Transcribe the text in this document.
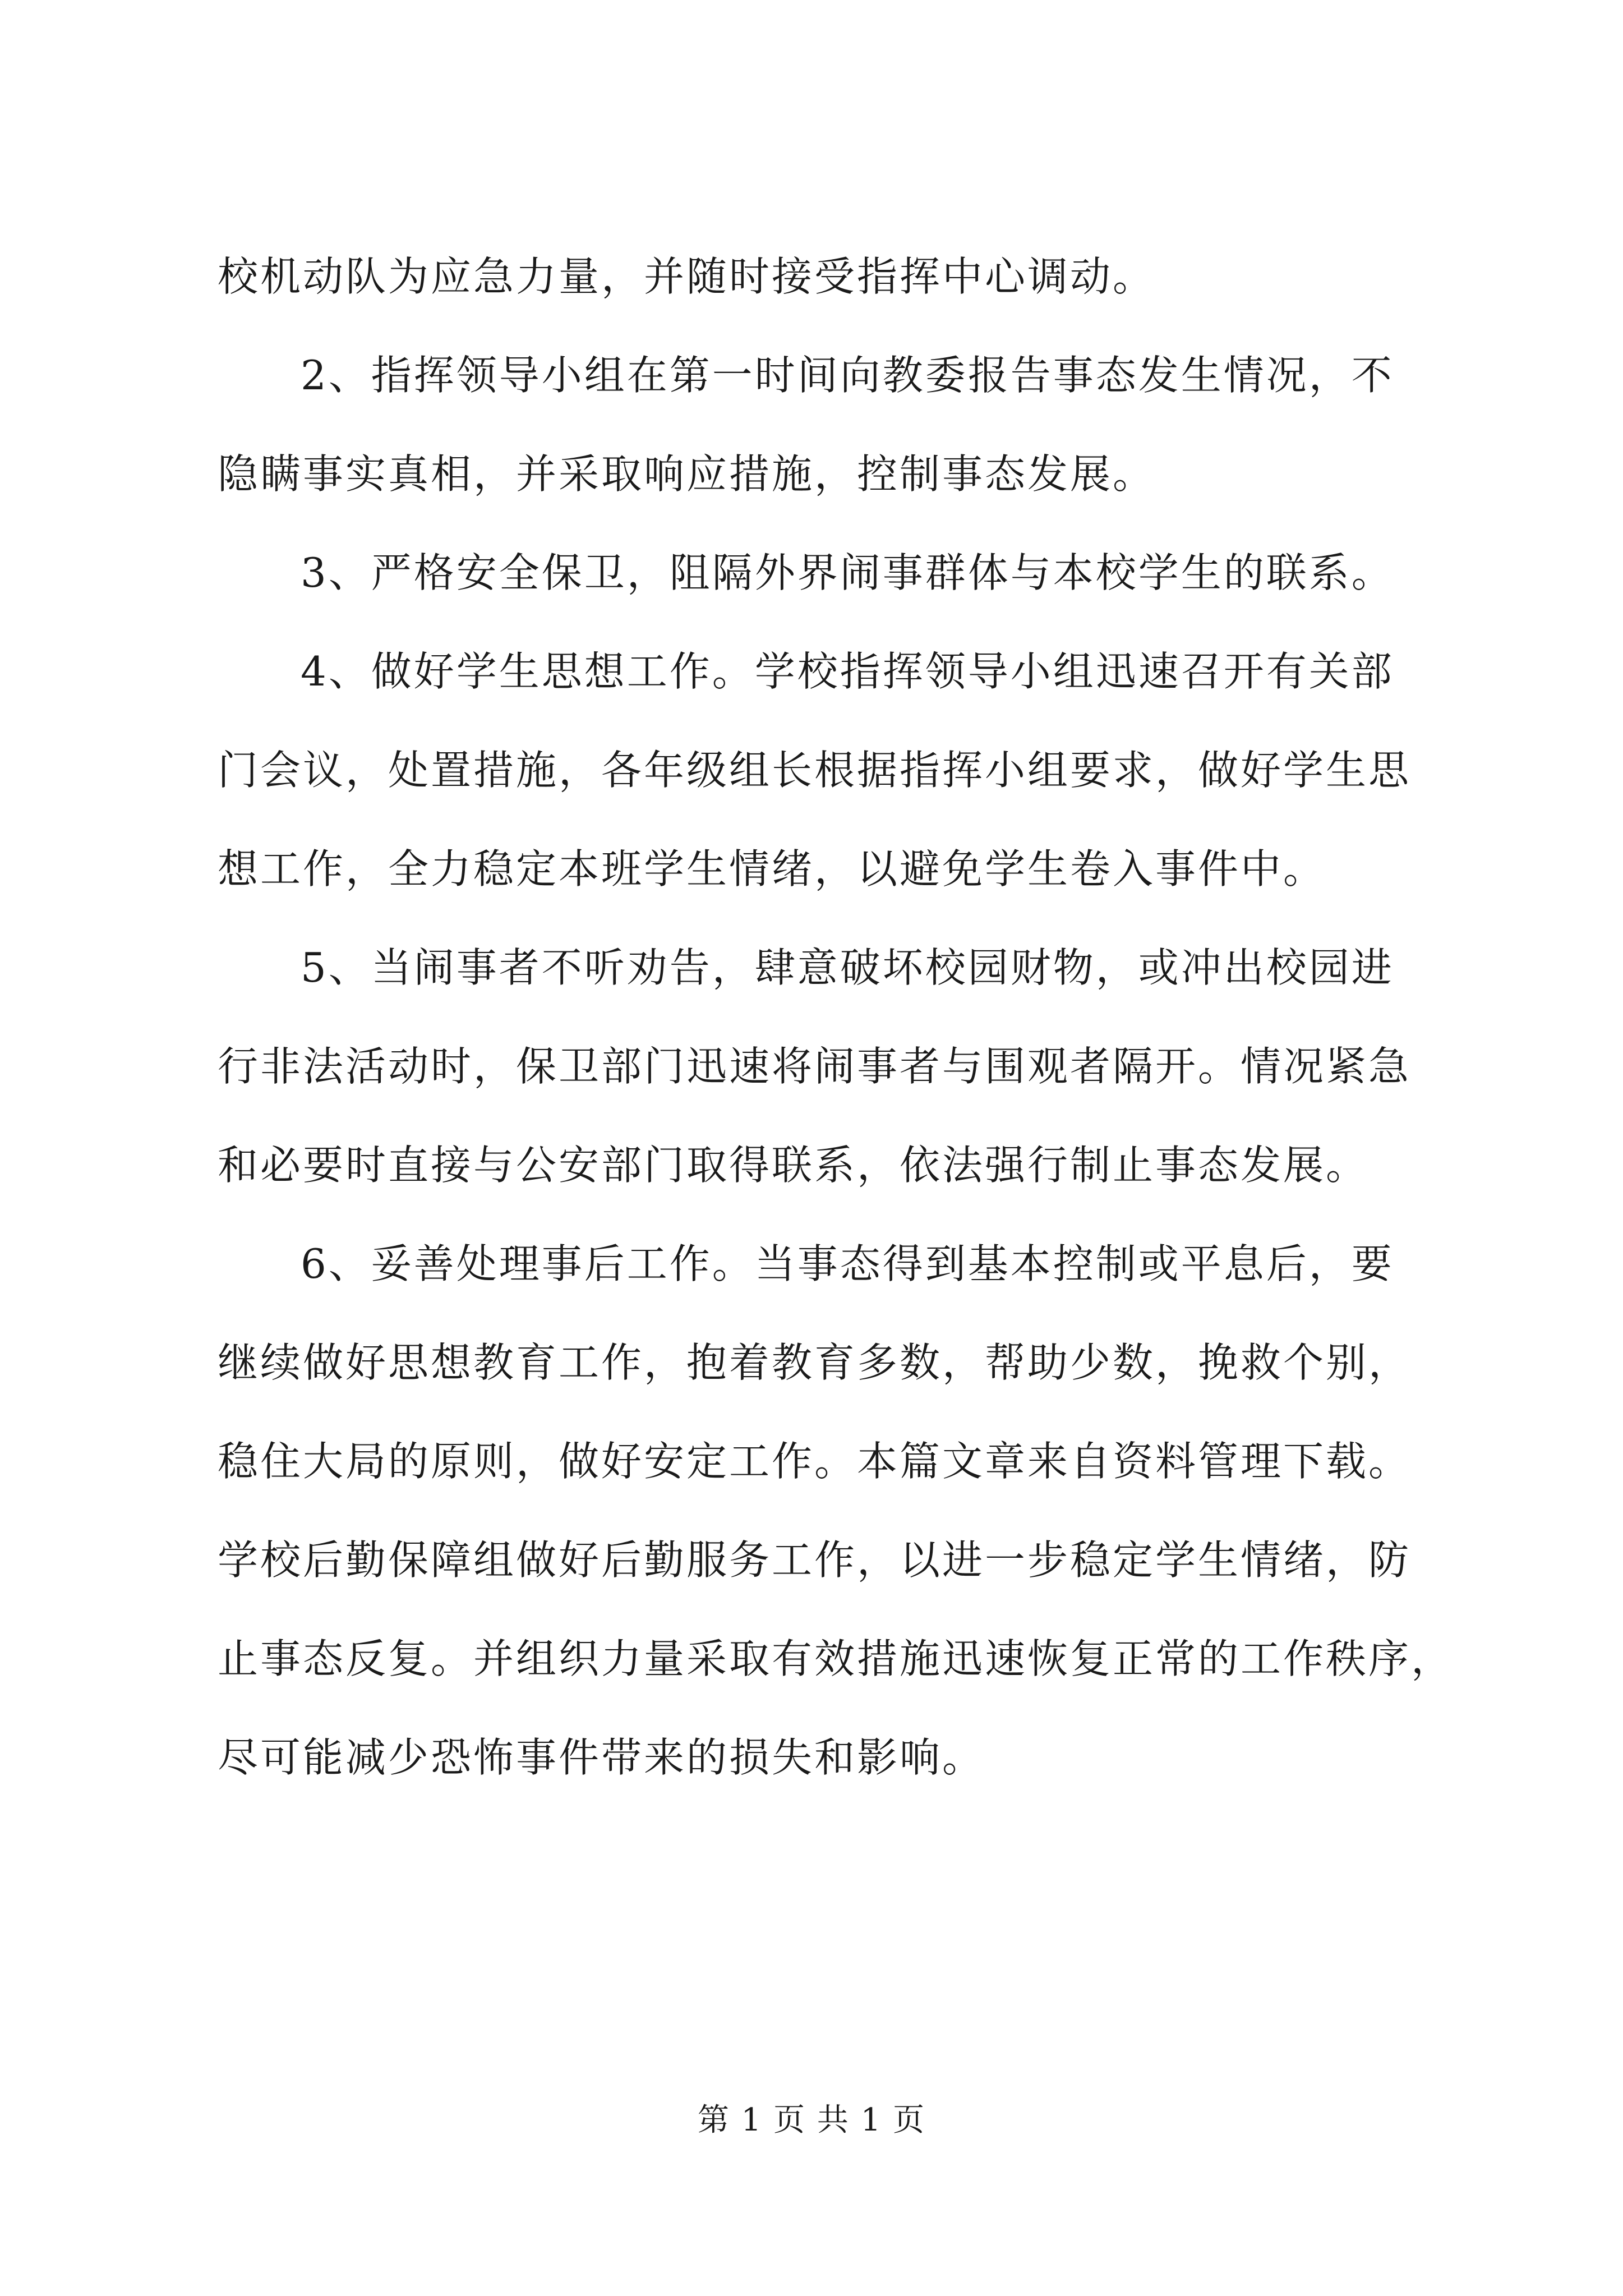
校机动队为应急力量，并随时接受指挥中心调动。
2、指挥领导小组在第一时间向教委报告事态发生情况，不
隐瞒事实真相，并采取响应措施，控制事态发展。
3、严格安全保卫，阻隔外界闹事群体与本校学生的联系。
4、做好学生思想工作。学校指挥领导小组迅速召开有关部
门会议，处置措施，各年级组长根据指挥小组要求，做好学生思
想工作，全力稳定本班学生情绪，以避免学生卷入事件中。
5、当闹事者不听劝告，肆意破坏校园财物，或冲出校园进
行非法活动时，保卫部门迅速将闹事者与围观者隔开。情况紧急
和必要时直接与公安部门取得联系，依法强行制止事态发展。
6、妥善处理事后工作。当事态得到基本控制或平息后，要
继续做好思想教育工作，抱着教育多数，帮助少数，挽救个别，
稳住大局的原则，做好安定工作。本篇文章来自资料管理下载。
学校后勤保障组做好后勤服务工作，以进一步稳定学生情绪，防
止事态反复。并组织力量采取有效措施迅速恢复正常的工作秩序，
尽可能减少恐怖事件带来的损失和影响。
第 1 页 共 1 页
